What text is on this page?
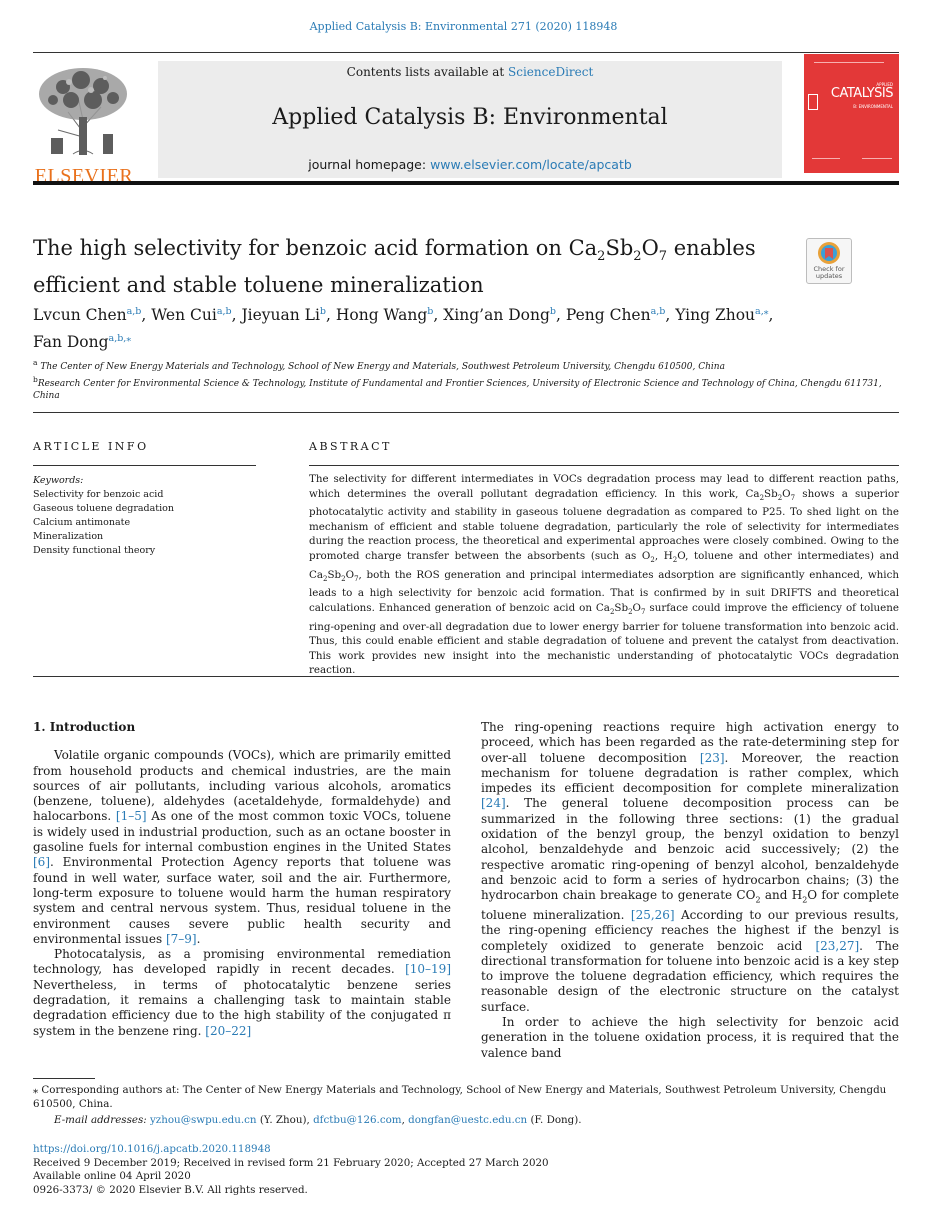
Applied Catalysis B: Environmental 271 (2020) 118948
ELSEVIER
Contents lists available at ScienceDirect
Applied Catalysis B: Environmental
journal homepage: www.elsevier.com/locate/apcatb
APPLIED
CATALYSIS
B: ENVIRONMENTAL
The high selectivity for benzoic acid formation on $Ca_2Sb_2O_7$ enables
efficient and stable toluene mineralization
Check for updates
Lvcun Chen$^{a,b}$, Wen Cui$^{a,b}$, Jieyuan Li$^b$, Hong Wang$^b$, Xing’an Dong$^b$, Peng Chen$^{a,b}$, Ying Zhou$^{a,⁎}$,
Fan Dong$^{a,b,⁎}$
$^a$ The Center of New Energy Materials and Technology, School of New Energy and Materials, Southwest Petroleum University, Chengdu 610500, China
$^b$Research Center for Environmental Science & Technology, Institute of Fundamental and Frontier Sciences, University of Electronic Science and Technology of China, Chengdu 611731, China
ARTICLE INFO	ABSTRACT
Keywords:
Selectivity for benzoic acid
Gaseous toluene degradation
Calcium antimonate
Mineralization
Density functional theory
The selectivity for different intermediates in VOCs degradation process may lead to different reaction paths, which determines the overall pollutant degradation efficiency. In this work, $Ca_2Sb_2O_7$ shows a superior photocatalytic activity and stability in gaseous toluene degradation as compared to P25. To shed light on the mechanism of efficient and stable toluene degradation, particularly the role of selectivity for intermediates during the reaction process, the theoretical and experimental approaches were closely combined. Owing to the promoted charge transfer between the absorbents (such as $O_2$, $H_2O$, toluene and other intermediates) and $Ca_2Sb_2O_7$, both the ROS generation and principal intermediates adsorption are significantly enhanced, which leads to a high selectivity for benzoic acid formation. That is confirmed by in suit DRIFTS and theoretical calculations. Enhanced generation of benzoic acid on $Ca_2Sb_2O_7$ surface could improve the efficiency of toluene ring-opening and over-all degradation due to lower energy barrier for toluene transformation into benzoic acid. Thus, this could enable efficient and stable degradation of toluene and prevent the catalyst from deactivation. This work provides new insight into the mechanistic understanding of photocatalytic VOCs degradation reaction.

1. Introduction

Volatile organic compounds (VOCs), which are primarily emitted from household products and chemical industries, are the main sources of air pollutants, including various alcohols, aromatics (benzene, toluene), aldehydes (acetaldehyde, formaldehyde) and halocarbons. [1–5] As one of the most common toxic VOCs, toluene is widely used in industrial production, such as an octane booster in gasoline fuels for internal combustion engines in the United States [6]. Environmental Protection Agency reports that toluene was found in well water, surface water, soil and the air. Furthermore, long-term exposure to toluene would harm the human respiratory system and central nervous system. Thus, residual toluene in the environment causes severe public health security and environmental issues [7–9].

Photocatalysis, as a promising environmental remediation technology, has developed rapidly in recent decades. [10–19] Nevertheless, in terms of photocatalytic benzene series degradation, it remains a challenging task to maintain stable degradation efficiency due to the high stability of the conjugated π system in the benzene ring. [20–22]

The ring-opening reactions require high activation energy to proceed, which has been regarded as the rate-determining step for over-all toluene decomposition [23]. Moreover, the reaction mechanism for toluene degradation is rather complex, which impedes its efficient decomposition for complete mineralization [24]. The general toluene decomposition process can be summarized in the following three sections: (1) the gradual oxidation of the benzyl group, the benzyl oxidation to benzyl alcohol, benzaldehyde and benzoic acid successively; (2) the respective aromatic ring-opening of benzyl alcohol, benzaldehyde and benzoic acid to form a series of hydrocarbon chains; (3) the hydrocarbon chain breakage to generate $CO_2$ and $H_2O$ for complete toluene mineralization. [25,26] According to our previous results, the ring-opening efficiency reaches the highest if the benzyl is completely oxidized to generate benzoic acid [23,27]. The directional transformation for toluene into benzoic acid is a key step to improve the toluene degradation efficiency, which requires the reasonable design of the electronic structure on the catalyst surface.

In order to achieve the high selectivity for benzoic acid generation in the toluene oxidation process, it is required that the valence band

⁎ Corresponding authors at: The Center of New Energy Materials and Technology, School of New Energy and Materials, Southwest Petroleum University, Chengdu 610500, China.

E-mail addresses: yzhou@swpu.edu.cn (Y. Zhou), dfctbu@126.com, dongfan@uestc.edu.cn (F. Dong).

https://doi.org/10.1016/j.apcatb.2020.118948

Received 9 December 2019; Received in revised form 21 February 2020; Accepted 27 March 2020

Available online 04 April 2020

0926-3373/ © 2020 Elsevier B.V. All rights reserved.
